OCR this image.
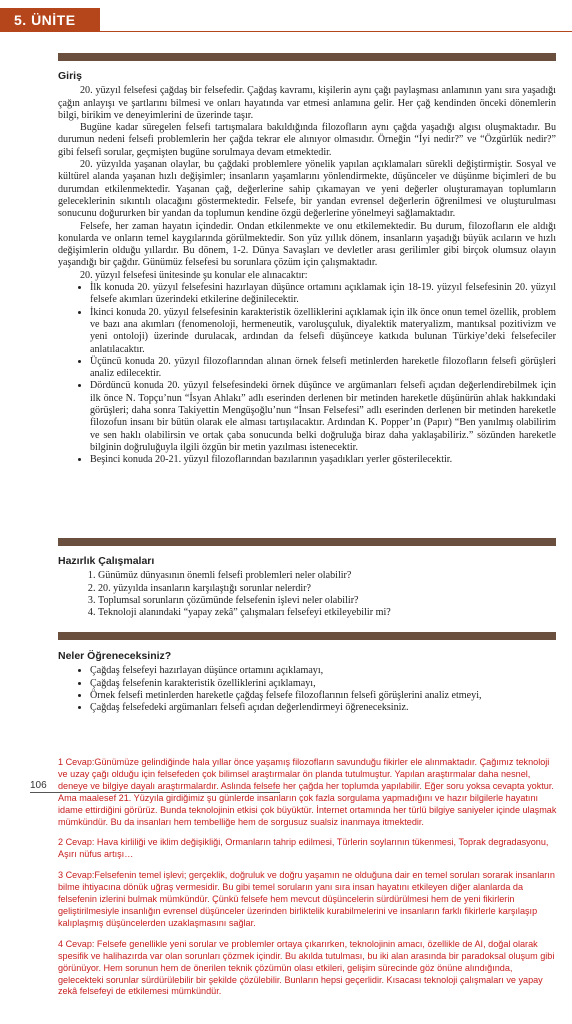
5. ÜNİTE
Giriş

20. yüzyıl felsefesi çağdaş bir felsefedir. Çağdaş kavramı, kişilerin aynı çağı paylaşması anlamının yanı sıra yaşadığı çağın anlayışı ve şartlarını bilmesi ve onları hayatında var etmesi anlamına gelir. Her çağ kendinden önceki dönemlerin bilgi, birikim ve deneyimlerini de üzerinde taşır.

Bugüne kadar süregelen felsefi tartışmalara bakıldığında filozofların aynı çağda yaşadığı algısı oluşmaktadır. Bu durumun nedeni felsefi problemlerin her çağda tekrar ele alınıyor olmasıdır. Örneğin “İyi nedir?” ve “Özgürlük nedir?” gibi felsefi sorular, geçmişten bugüne sorulmaya devam etmektedir.

20. yüzyılda yaşanan olaylar, bu çağdaki problemlere yönelik yapılan açıklamaları sürekli değiştirmiştir. Sosyal ve kültürel alanda yaşanan hızlı değişimler; insanların yaşamlarını yönlendirmekte, düşünceler ve düşünme biçimleri de bu durumdan etkilenmektedir. Yaşanan çağ, değerlerine sahip çıkamayan ve yeni değerler oluşturamayan toplumların geleceklerinin sıkıntılı olacağını göstermektedir. Felsefe, bir yandan evrensel değerlerin öğrenilmesi ve oluşturulması sonucunu doğururken bir yandan da toplumun kendine özgü değerlerine yönelmeyi sağlamaktadır.

Felsefe, her zaman hayatın içindedir. Ondan etkilenmekte ve onu etkilemektedir. Bu durum, filozofların ele aldığı konularda ve onların temel kaygılarında görülmektedir. Son yüz yıllık dönem, insanların yaşadığı büyük acıların ve hızlı değişimlerin olduğu yıllardır. Bu dönem, 1-2. Dünya Savaşları ve devletler arası gerilimler gibi birçok olumsuz olayın yaşandığı bir çağdır. Günümüz felsefesi bu sorunlara çözüm için çalışmaktadır.

20. yüzyıl felsefesi ünitesinde şu konular ele alınacaktır:
• İlk konuda 20. yüzyıl felsefesini hazırlayan düşünce ortamını açıklamak için 18-19. yüzyıl felsefesinin 20. yüzyıl felsefe akımları üzerindeki etkilerine değinilecektir.
• İkinci konuda 20. yüzyıl felsefesinin karakteristik özelliklerini açıklamak için ilk önce onun temel özellik, problem ve bazı ana akımları (fenomenoloji, hermeneutik, varoluşçuluk, diyalektik materyalizm, mantıksal pozitivizm ve yeni ontoloji) üzerinde durulacak, ardından da felsefi düşünceye katkıda bulunan Türkiye’deki felsefeciler anlatılacaktır.
• Üçüncü konuda 20. yüzyıl filozoflarından alınan örnek felsefi metinlerden hareketle filozofların felsefi görüşleri analiz edilecektir.
• Dördüncü konuda 20. yüzyıl felsefesindeki örnek düşünce ve argümanları felsefi açıdan değerlendirebilmek için ilk önce N. Topçu’nun “İsyan Ahlakı” adlı eserinden derlenen bir metinden hareketle düşünürün ahlak hakkındaki görüşleri; daha sonra Takiyettin Mengüşoğlu’nun “İnsan Felsefesi” adlı eserinden derlenen bir metinden hareketle filozofun insanı bir bütün olarak ele alması tartışılacaktır. Ardından K. Popper’ın (Papır) “Ben yanılmış olabilirim ve sen haklı olabilirsin ve ortak çaba sonucunda belki doğruluğa biraz daha yaklaşabiliriz.” sözünden hareketle bilginin doğruluğuyla ilgili özgün bir metin yazılması istenecektir.
• Beşinci konuda 20-21. yüzyıl filozoflarından bazılarının yaşadıkları yerler gösterilecektir.
Hazırlık Çalışmaları
1. Günümüz dünyasının önemli felsefi problemleri neler olabilir?
2. 20. yüzyılda insanların karşılaştığı sorunlar nelerdir?
3. Toplumsal sorunların çözümünde felsefenin işlevi neler olabilir?
4. Teknoloji alanındaki “yapay zekâ” çalışmaları felsefeyi etkileyebilir mi?
Neler Öğreneceksiniz?
• Çağdaş felsefeyi hazırlayan düşünce ortamını açıklamayı,
• Çağdaş felsefenin karakteristik özelliklerini açıklamayı,
• Örnek felsefi metinlerden hareketle çağdaş felsefe filozoflarının felsefi görüşlerini analiz etmeyi,
• Çağdaş felsefedeki argümanları felsefi açıdan değerlendirmeyi öğreneceksiniz.
106

1 Cevap:Günümüze gelindiğinde hala yıllar önce yaşamış filozofların savunduğu fikirler ele alınmaktadır. Çağımız teknoloji ve uzay çağı olduğu için felsefeden çok bilimsel araştırmalar ön planda tutulmuştur. Yapılan araştırmalar daha nesnel, deneye ve bilgiye dayalı araştırmalardır. Aslında felsefe her çağda her toplumda yapılabilir. Eğer soru yoksa cevapta yoktur. Ama maalesef 21. Yüzyıla girdiğimiz şu günlerde insanların çok fazla sorgulama yapmadığını ve hazır bilgilerle hayatını idame ettirdiğini görürüz. Bunda teknolojinin etkisi çok büyüktür. İnternet ortamında her türlü bilgiye saniyeler içinde ulaşmak mümkündür. Bu da insanları hem tembelliğe hem de sorgusuz sualsiz inanmaya itmektedir.

2 Cevap: Hava kirliliği ve iklim değişikliği, Ormanların tahrip edilmesi, Türlerin soylarının tükenmesi, Toprak degradasyonu, Aşırı nüfus artışı…

3 Cevap:Felsefenin temel işlevi; gerçeklik, doğruluk ve doğru yaşamın ne olduğuna dair en temel soruları sorarak insanların bilme ihtiyacına dönük uğraş vermesidir. Bu gibi temel soruların yanı sıra insan hayatını etkileyen diğer alanlarda da felsefenin izlerini bulmak mümkündür. Çünkü felsefe hem mevcut düşüncelerin sürdürülmesi hem de yeni fikirlerin geliştirilmesiyle insanlığın evrensel düşünceler üzerinden birliktelik kurabilmelerini ve insanların farklı fikirlerle karşılaşıp kalıplaşmış düşüncelerden uzaklaşmasını sağlar.

4 Cevap: Felsefe genellikle yeni sorular ve problemler ortaya çıkarırken, teknolojinin amacı, özellikle de AI, doğal olarak spesifik ve halihazırda var olan sorunları çözmek içindir. Bu akılda tutulması, bu iki alan arasında bir paradoksal oluşum gibi görünüyor. Hem sorunun hem de önerilen teknik çözümün olası etkileri, gelişim sürecinde göz önüne alındığında, gelecekteki sorunlar sürdürülebilir bir şekilde çözülebilir. Bunların hepsi geçerlidir. Kısacası teknoloji çalışmaları ve yapay zekâ felsefeyi de etkilemesi mümkündür.
